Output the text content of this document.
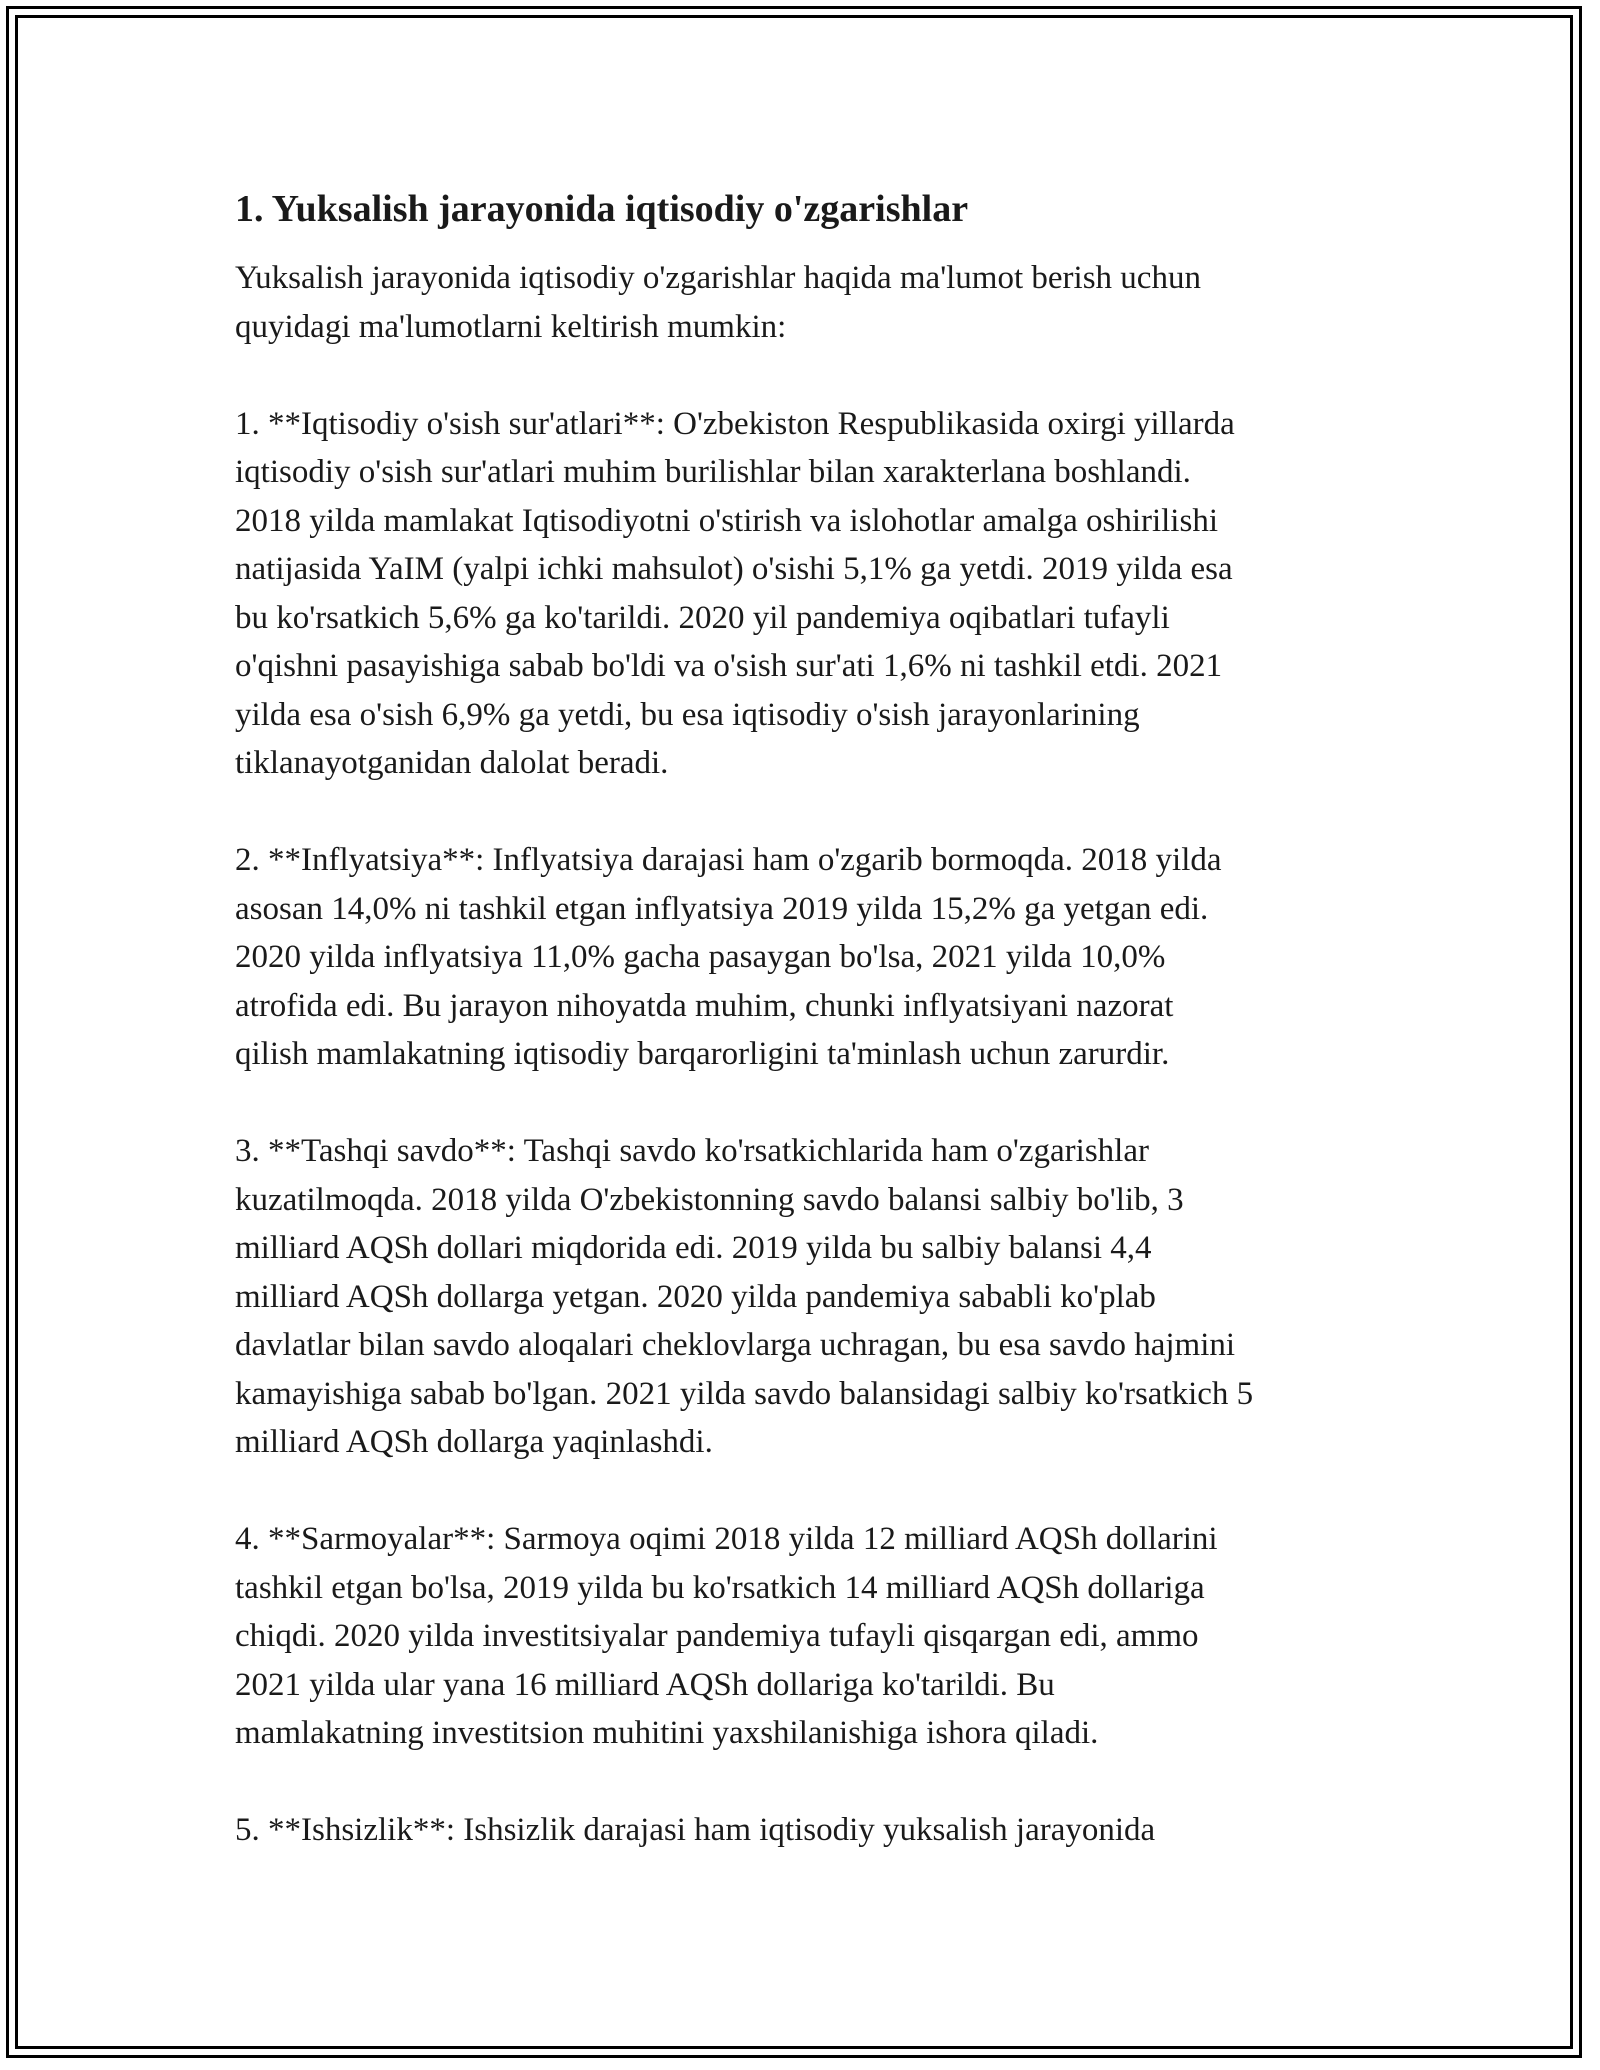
1. Yuksalish jarayonida iqtisodiy o'zgarishlar

Yuksalish jarayonida iqtisodiy o'zgarishlar haqida ma'lumot berish uchun
quyidagi ma'lumotlarni keltirish mumkin:

1. **Iqtisodiy o'sish sur'atlari**: O'zbekiston Respublikasida oxirgi yillarda
iqtisodiy o'sish sur'atlari muhim burilishlar bilan xarakterlana boshlandi.
2018 yilda mamlakat Iqtisodiyotni o'stirish va islohotlar amalga oshirilishi
natijasida YaIM (yalpi ichki mahsulot) o'sishi 5,1% ga yetdi. 2019 yilda esa
bu ko'rsatkich 5,6% ga ko'tarildi. 2020 yil pandemiya oqibatlari tufayli
o'qishni pasayishiga sabab bo'ldi va o'sish sur'ati 1,6% ni tashkil etdi. 2021
yilda esa o'sish 6,9% ga yetdi, bu esa iqtisodiy o'sish jarayonlarining
tiklanayotganidan dalolat beradi.

2. **Inflyatsiya**: Inflyatsiya darajasi ham o'zgarib bormoqda. 2018 yilda
asosan 14,0% ni tashkil etgan inflyatsiya 2019 yilda 15,2% ga yetgan edi.
2020 yilda inflyatsiya 11,0% gacha pasaygan bo'lsa, 2021 yilda 10,0%
atrofida edi. Bu jarayon nihoyatda muhim, chunki inflyatsiyani nazorat
qilish mamlakatning iqtisodiy barqarorligini ta'minlash uchun zarurdir.

3. **Tashqi savdo**: Tashqi savdo ko'rsatkichlarida ham o'zgarishlar
kuzatilmoqda. 2018 yilda O'zbekistonning savdo balansi salbiy bo'lib, 3
milliard AQSh dollari miqdorida edi. 2019 yilda bu salbiy balansi 4,4
milliard AQSh dollarga yetgan. 2020 yilda pandemiya sababli ko'plab
davlatlar bilan savdo aloqalari cheklovlarga uchragan, bu esa savdo hajmini
kamayishiga sabab bo'lgan. 2021 yilda savdo balansidagi salbiy ko'rsatkich 5
milliard AQSh dollarga yaqinlashdi.

4. **Sarmoyalar**: Sarmoya oqimi 2018 yilda 12 milliard AQSh dollarini
tashkil etgan bo'lsa, 2019 yilda bu ko'rsatkich 14 milliard AQSh dollariga
chiqdi. 2020 yilda investitsiyalar pandemiya tufayli qisqargan edi, ammo
2021 yilda ular yana 16 milliard AQSh dollariga ko'tarildi. Bu
mamlakatning investitsion muhitini yaxshilanishiga ishora qiladi.

5. **Ishsizlik**: Ishsizlik darajasi ham iqtisodiy yuksalish jarayonida
